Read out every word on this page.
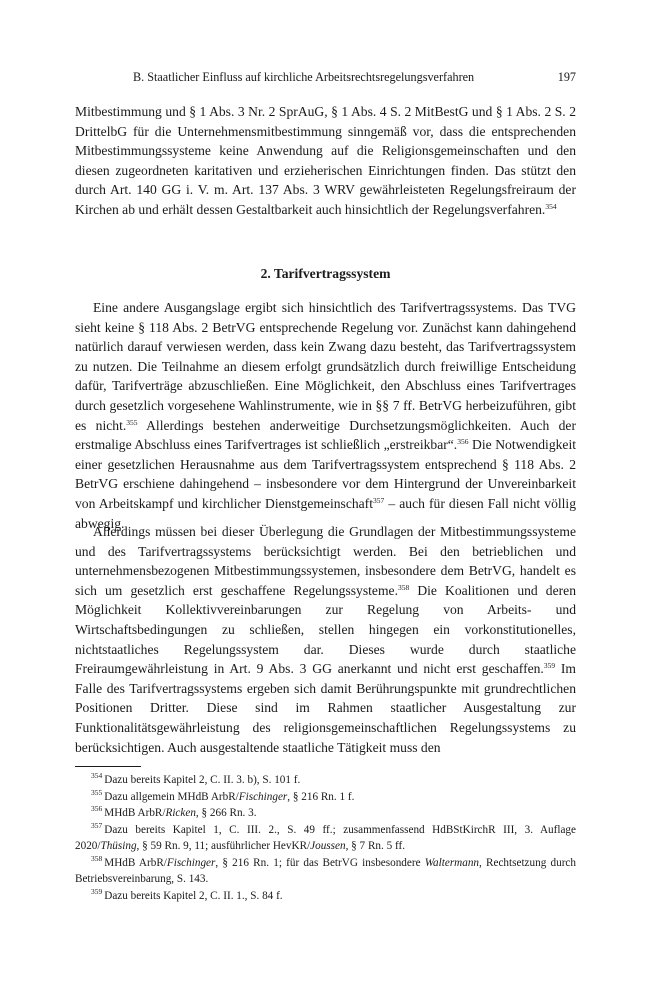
B. Staatlicher Einfluss auf kirchliche Arbeitsrechtsregelungsverfahren	197

Mitbestimmung und § 1 Abs. 3 Nr. 2 SprAuG, § 1 Abs. 4 S. 2 MitBestG und § 1 Abs. 2 S. 2 DrittelbG für die Unternehmensmitbestimmung sinngemäß vor, dass die entsprechenden Mitbestimmungssysteme keine Anwendung auf die Religionsgemeinschaften und den diesen zugeordneten karitativen und erzieherischen Einrichtungen finden. Das stützt den durch Art. 140 GG i. V. m. Art. 137 Abs. 3 WRV gewährleisteten Regelungsfreiraum der Kirchen ab und erhält dessen Gestaltbarkeit auch hinsichtlich der Regelungsverfahren.$^{354}$

2. Tarifvertragssystem

Eine andere Ausgangslage ergibt sich hinsichtlich des Tarifvertragssystems. Das TVG sieht keine § 118 Abs. 2 BetrVG entsprechende Regelung vor. Zunächst kann dahingehend natürlich darauf verwiesen werden, dass kein Zwang dazu besteht, das Tarifvertragssystem zu nutzen. Die Teilnahme an diesem erfolgt grundsätzlich durch freiwillige Entscheidung dafür, Tarifverträge abzuschließen. Eine Möglichkeit, den Abschluss eines Tarifvertrages durch gesetzlich vorgesehene Wahlinstrumente, wie in §§ 7 ff. BetrVG herbeizuführen, gibt es nicht.$^{355}$ Allerdings bestehen anderweitige Durchsetzungsmöglichkeiten. Auch der erstmalige Abschluss eines Tarifvertrages ist schließlich „erstreikbar“.$^{356}$ Die Notwendigkeit einer gesetzlichen Herausnahme aus dem Tarifvertragssystem entsprechend § 118 Abs. 2 BetrVG erschiene dahingehend – insbesondere vor dem Hintergrund der Unvereinbarkeit von Arbeitskampf und kirchlicher Dienstgemeinschaft$^{357}$ – auch für diesen Fall nicht völlig abwegig.

Allerdings müssen bei dieser Überlegung die Grundlagen der Mitbestimmungssysteme und des Tarifvertragssystems berücksichtigt werden. Bei den betrieblichen und unternehmensbezogenen Mitbestimmungssystemen, insbesondere dem BetrVG, handelt es sich um gesetzlich erst geschaffene Regelungssysteme.$^{358}$ Die Koalitionen und deren Möglichkeit Kollektivvereinbarungen zur Regelung von Arbeits- und Wirtschaftsbedingungen zu schließen, stellen hingegen ein vorkonstitutionelles, nichtstaatliches Regelungssystem dar. Dieses wurde durch staatliche Freiraumgewährleistung in Art. 9 Abs. 3 GG anerkannt und nicht erst geschaffen.$^{359}$ Im Falle des Tarifvertragssystems ergeben sich damit Berührungspunkte mit grundrechtlichen Positionen Dritter. Diese sind im Rahmen staatlicher Ausgestaltung zur Funktionalitätsgewährleistung des religionsgemeinschaftlichen Regelungssystems zu berücksichtigen. Auch ausgestaltende staatliche Tätigkeit muss den

$^{354}$ Dazu bereits Kapitel 2, C. II. 3. b), S. 101 f.

$^{355}$ Dazu allgemein MHdB ArbR/Fischinger, § 216 Rn. 1 f.

$^{356}$ MHdB ArbR/Ricken, § 266 Rn. 3.

$^{357}$ Dazu bereits Kapitel 1, C. III. 2., S. 49 ff.; zusammenfassend HdBStKirchR III, 3. Auflage 2020/Thüsing, § 59 Rn. 9, 11; ausführlicher HevKR/Joussen, § 7 Rn. 5 ff.

$^{358}$ MHdB ArbR/Fischinger, § 216 Rn. 1; für das BetrVG insbesondere Waltermann, Rechtsetzung durch Betriebsvereinbarung, S. 143.

$^{359}$ Dazu bereits Kapitel 2, C. II. 1., S. 84 f.
